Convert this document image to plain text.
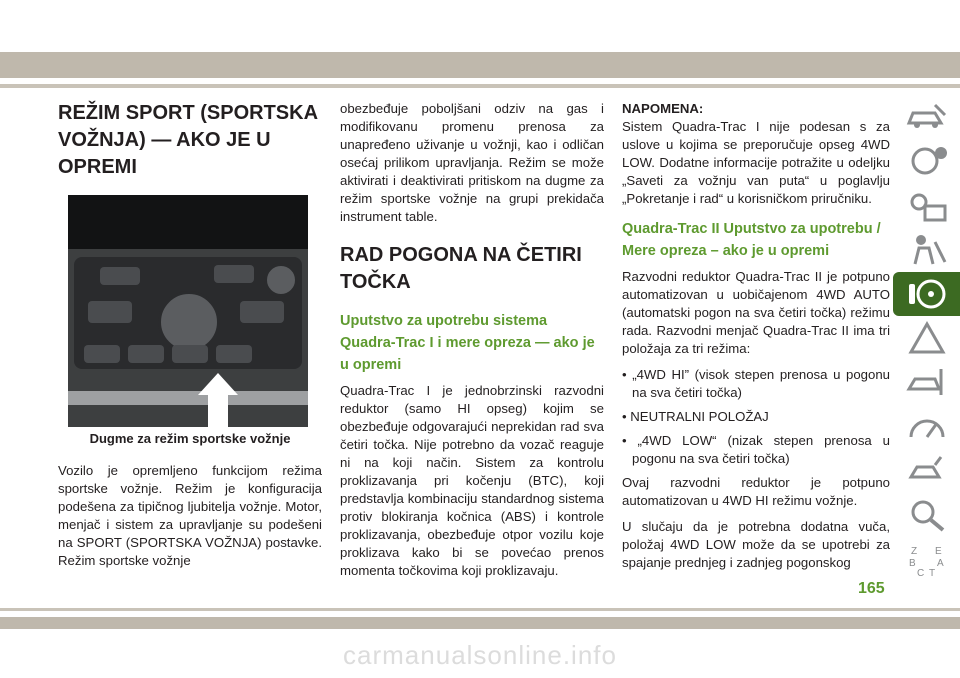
REŽIM SPORT (SPORTSKA VOŽNJA) — AKO JE U OPREMI
Dugme za režim sportske vožnje

Vozilo je opremljeno funkcijom režima sportske vožnje. Režim je konfiguracija podešena za tipičnog ljubitelja vožnje. Motor, menjač i sistem za upravljanje su podešeni na SPORT (SPORTSKA VOŽNJA) postavke. Režim sportske vožnje

obezbeđuje poboljšani odziv na gas i modifikovanu promenu prenosa za unapređeno uživanje u vožnji, kao i odličan osećaj prilikom upravljanja. Režim se može aktivirati i deaktivirati pritiskom na dugme za režim sportske vožnje na grupi prekidača instrument table.

RAD POGONA NA ČETIRI TOČKA
Uputstvo za upotrebu sistema Quadra-Trac I i mere opreza — ako je u opremi

Quadra-Trac I je jednobrzinski razvodni reduktor (samo HI opseg) kojim se obezbeđuje odgovarajući neprekidan rad sva četiri točka. Nije potrebno da vozač reaguje ni na koji način. Sistem za kontrolu proklizavanja pri kočenju (BTC), koji predstavlja kombinaciju standardnog sistema protiv blokiranja kočnica (ABS) i kontrole proklizavanja, obezbeđuje otpor vozilu koje proklizava kako bi se povećao prenos momenta točkovima koji proklizavaju.

NAPOMENA:

Sistem Quadra-Trac I nije podesan s za uslove u kojima se preporučuje opseg 4WD LOW. Dodatne informacije potražite u odeljku „Saveti za vožnju van puta“ u poglavlju „Pokretanje i rad“ u korisničkom priručniku.

Quadra-Trac II Uputstvo za upotrebu / Mere opreza – ako je u opremi

Razvodni reduktor Quadra-Trac II je potpuno automatizovan u uobičajenom 4WD AUTO (automatski pogon na sva četiri točka) režimu rada. Razvodni menjač Quadra-Trac II ima tri položaja za tri režima:

• „4WD HI” (visok stepen prenosa u pogonu na sva četiri točka)
• NEUTRALNI POLOŽAJ
• „4WD LOW“ (nizak stepen prenosa u pogonu na sva četiri točka)

Ovaj razvodni reduktor je potpuno automatizovan u 4WD HI režimu vožnje.

U slučaju da je potrebna dodatna vuča, položaj 4WD LOW može da se upotrebi za spajanje prednjeg i zadnjeg pogonskog

Z E
B A
C T
165
carmanualsonline.info
